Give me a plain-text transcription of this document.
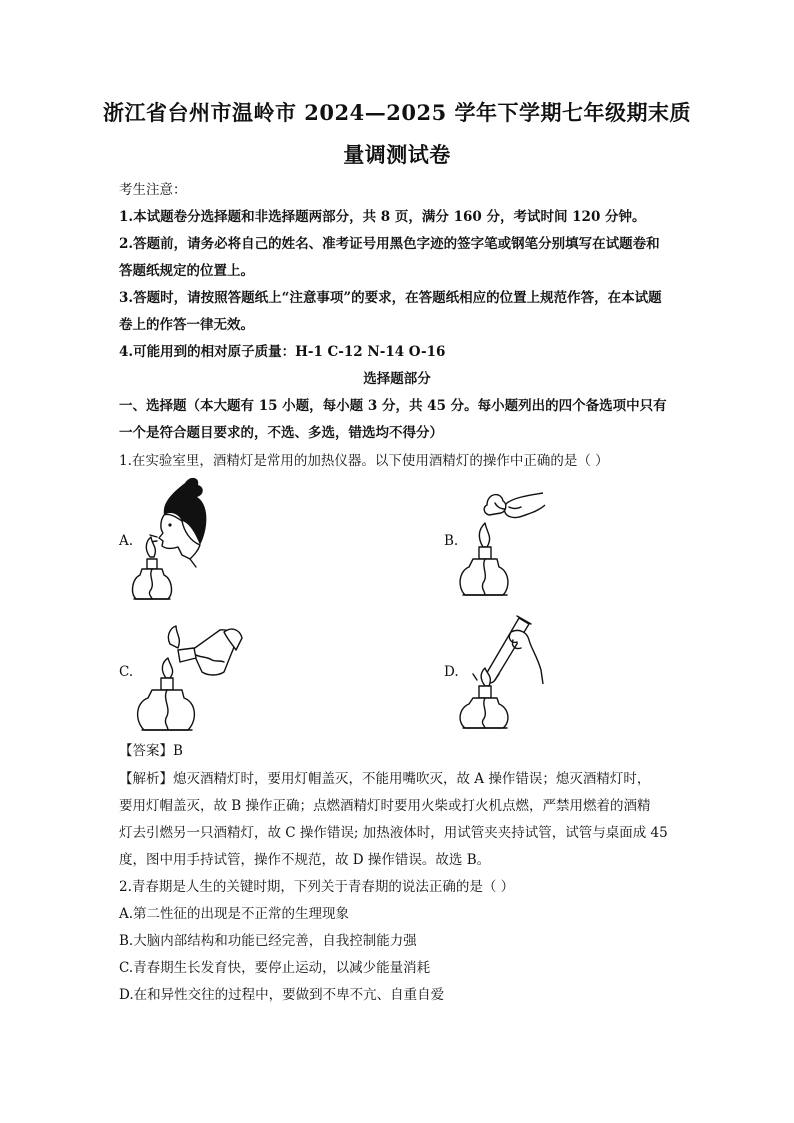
浙江省台州市温岭市 2024—2025 学年下学期七年级期末质
量调测试卷
考生注意：
1.本试题卷分选择题和非选择题两部分，共 8 页，满分 160 分，考试时间 120 分钟。
2.答题前，请务必将自己的姓名、准考证号用黑色字迹的签字笔或钢笔分别填写在试题卷和
答题纸规定的位置上。
3.答题时，请按照答题纸上“注意事项”的要求，在答题纸相应的位置上规范作答，在本试题
卷上的作答一律无效。
4.可能用到的相对原子质量：H-1 C-12 N-14 O-16
选择题部分
一、选择题（本大题有 15 小题，每小题 3 分，共 45 分。每小题列出的四个备选项中只有
一个是符合题目要求的，不选、多选，错选均不得分）
1.在实验室里，酒精灯是常用的加热仪器。以下使用酒精灯的操作中正确的是（ ）
A.	B.
C.	D.
【答案】B
【解析】熄灭酒精灯时，要用灯帽盖灭，不能用嘴吹灭，故 A 操作错误；熄灭酒精灯时，
要用灯帽盖灭，故 B 操作正确；点燃酒精灯时要用火柴或打火机点燃，严禁用燃着的酒精
灯去引燃另一只酒精灯，故 C 操作错误; 加热液体时，用试管夹夹持试管，试管与桌面成 45
度，图中用手持试管，操作不规范，故 D 操作错误。故选 B。
2.青春期是人生的关键时期，下列关于青春期的说法正确的是（ ）
A.第二性征的出现是不正常的生理现象
B.大脑内部结构和功能已经完善，自我控制能力强
C.青春期生长发育快，要停止运动，以减少能量消耗
D.在和异性交往的过程中，要做到不卑不亢、自重自爱
